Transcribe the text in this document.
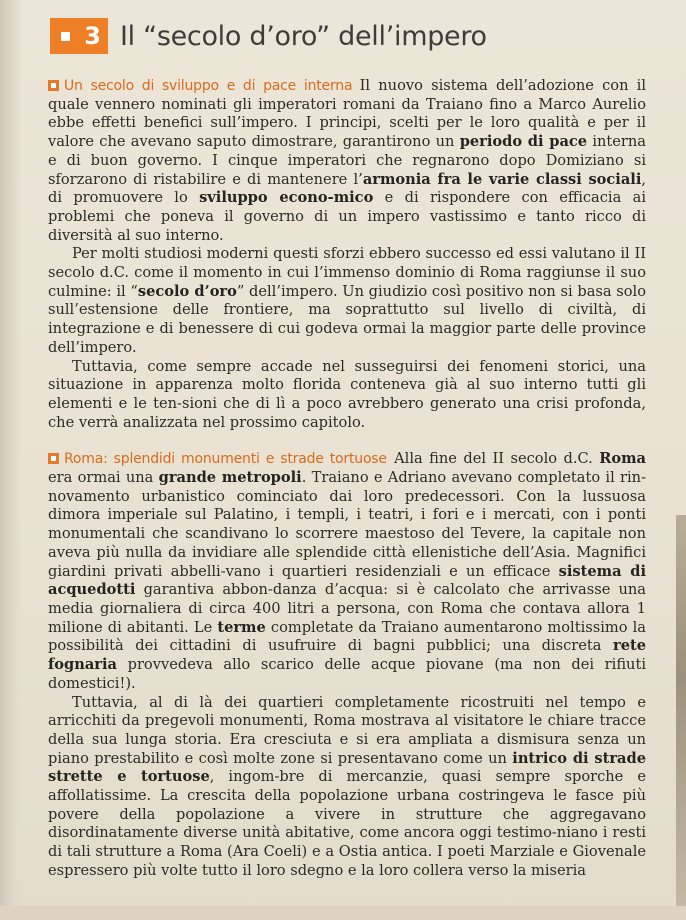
3 Il “secolo d’oro” dell’impero

Un secolo di sviluppo e di pace interna  Il nuovo sistema dell’adozione con il quale vennero nominati gli imperatori romani da Traiano fino a Marco Aurelio ebbe effetti benefici sull’impero. I principi, scelti per le loro qualità e per il valore che avevano saputo dimostrare, garantirono un periodo di pace interna e di buon governo. I cinque imperatori che regnarono dopo Domiziano si sforzarono di ristabilire e di mantenere l’armonia fra le varie classi sociali, di promuovere lo sviluppo econo-mico e di rispondere con efficacia ai problemi che poneva il governo di un impero vastissimo e tanto ricco di diversità al suo interno.

Per molti studiosi moderni questi sforzi ebbero successo ed essi valutano il II secolo d.C. come il momento in cui l’immenso dominio di Roma raggiunse il suo culmine: il “secolo d’oro” dell’impero. Un giudizio così positivo non si basa solo sull’estensione delle frontiere, ma soprattutto sul livello di civiltà, di integrazione e di benessere di cui godeva ormai la maggior parte delle province dell’impero.

Tuttavia, come sempre accade nel susseguirsi dei fenomeni storici, una situazione in apparenza molto florida conteneva già al suo interno tutti gli elementi e le ten-sioni che di lì a poco avrebbero generato una crisi profonda, che verrà analizzata nel prossimo capitolo.

Roma: splendidi monumenti e strade tortuose  Alla fine del II secolo d.C. Roma era ormai una grande metropoli. Traiano e Adriano avevano completato il rin-novamento urbanistico cominciato dai loro predecessori. Con la lussuosa dimora imperiale sul Palatino, i templi, i teatri, i fori e i mercati, con i ponti monumentali che scandivano lo scorrere maestoso del Tevere, la capitale non aveva più nulla da invidiare alle splendide città ellenistiche dell’Asia. Magnifici giardini privati abbelli-vano i quartieri residenziali e un efficace sistema di acquedotti garantiva abbon-danza d’acqua: si è calcolato che arrivasse una media giornaliera di circa 400 litri a persona, con Roma che contava allora 1 milione di abitanti. Le terme completate da Traiano aumentarono moltissimo la possibilità dei cittadini di usufruire di bagni pubblici; una discreta rete fognaria provvedeva allo scarico delle acque piovane (ma non dei rifiuti domestici!).

Tuttavia, al di là dei quartieri completamente ricostruiti nel tempo e arricchiti da pregevoli monumenti, Roma mostrava al visitatore le chiare tracce della sua lunga storia. Era cresciuta e si era ampliata a dismisura senza un piano prestabilito e così molte zone si presentavano come un intrico di strade strette e tortuose, ingom-bre di mercanzie, quasi sempre sporche e affollatissime. La crescita della popolazione urbana costringeva le fasce più povere della popolazione a vivere in strutture che aggregavano disordinatamente diverse unità abitative, come ancora oggi testimo-niano i resti di tali strutture a Roma (Ara Coeli) e a Ostia antica. I poeti Marziale e Giovenale espressero più volte tutto il loro sdegno e la loro collera verso la miseria
